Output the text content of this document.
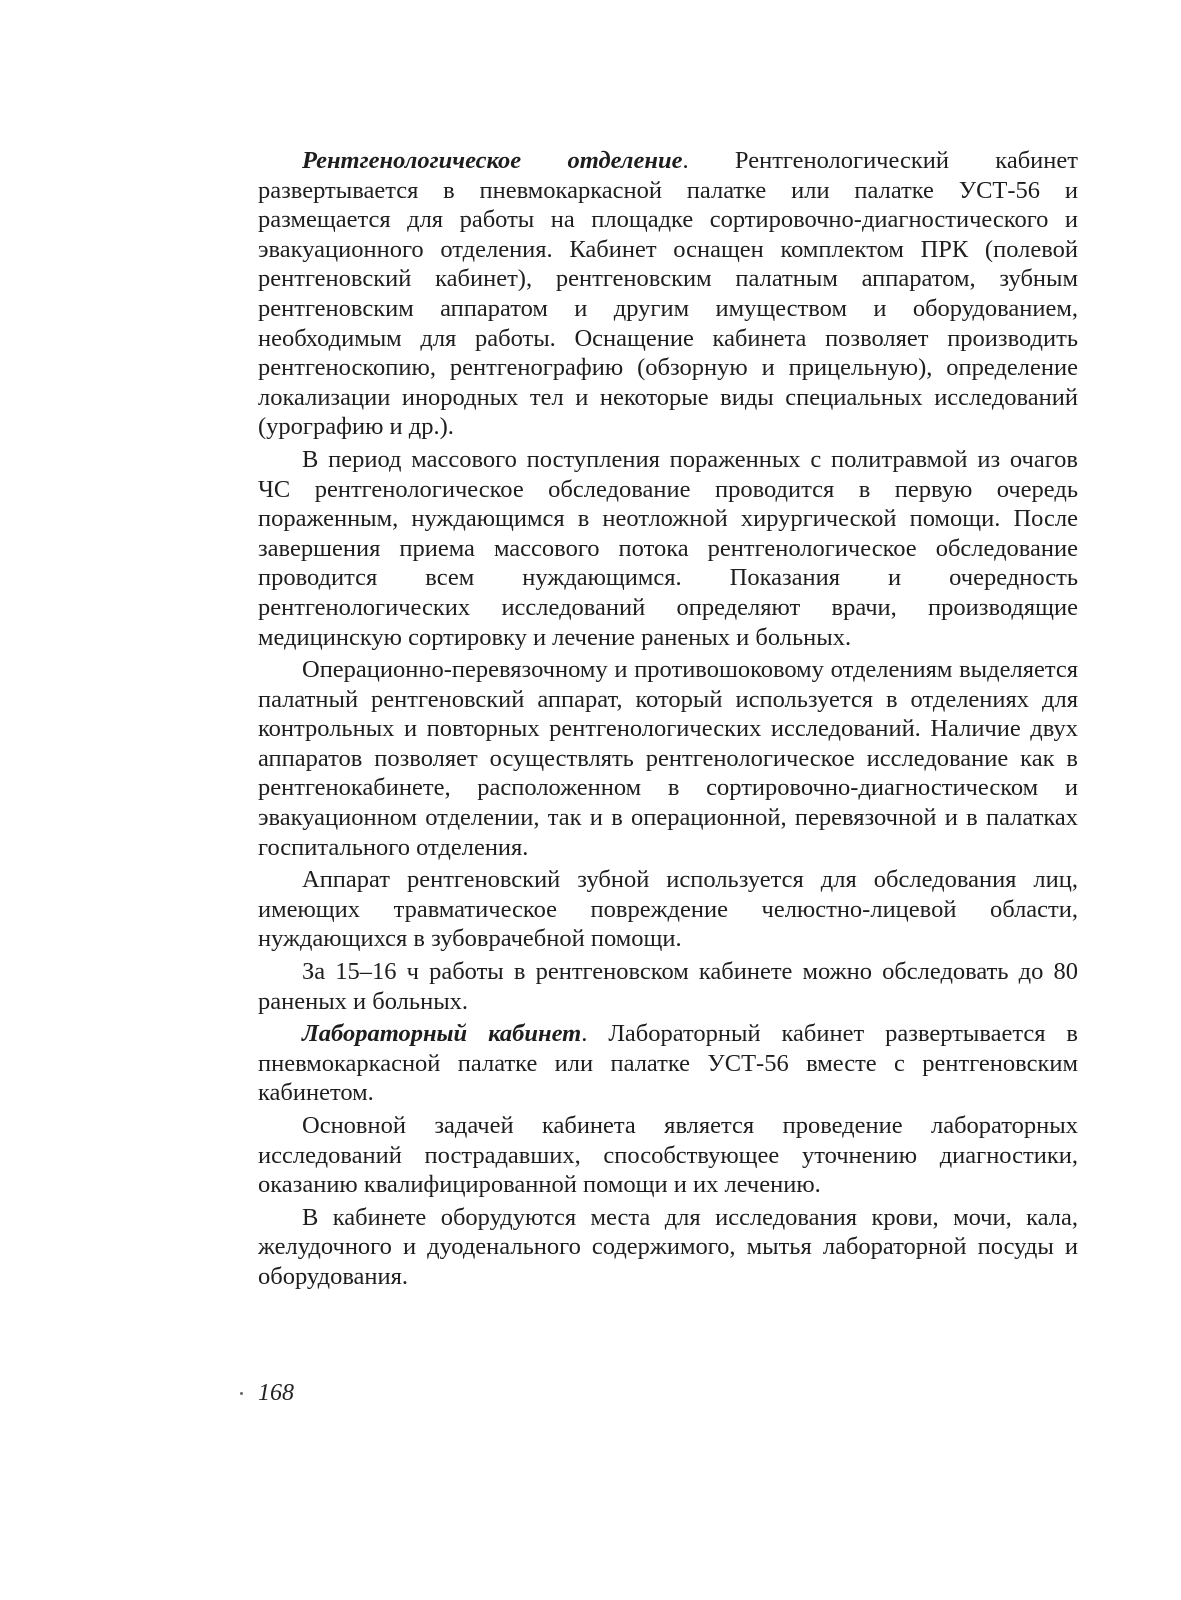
Рентгенологическое отделение. Рентгенологический кабинет развертывается в пневмокаркасной палатке или палатке УСТ-56 и размещается для работы на площадке сортировочно-диагностического и эвакуационного отделения. Кабинет оснащен комплектом ПРК (полевой рентгеновский кабинет), рентгеновским палатным аппаратом, зубным рентгеновским аппаратом и другим имуществом и оборудованием, необходимым для работы. Оснащение кабинета позволяет производить рентгеноскопию, рентгенографию (обзорную и прицельную), определение локализации инородных тел и некоторые виды специальных исследований (урографию и др.).

В период массового поступления пораженных с политравмой из очагов ЧС рентгенологическое обследование проводится в первую очередь пораженным, нуждающимся в неотложной хирургической помощи. После завершения приема массового потока рентгенологическое обследование проводится всем нуждающимся. Показания и очередность рентгенологических исследований определяют врачи, производящие медицинскую сортировку и лечение раненых и больных.

Операционно-перевязочному и противошоковому отделениям выделяется палатный рентгеновский аппарат, который используется в отделениях для контрольных и повторных рентгенологических исследований. Наличие двух аппаратов позволяет осуществлять рентгенологическое исследование как в рентгенокабинете, расположенном в сортировочно-диагностическом и эвакуационном отделении, так и в операционной, перевязочной и в палатках госпитального отделения.

Аппарат рентгеновский зубной используется для обследования лиц, имеющих травматическое повреждение челюстно-лицевой области, нуждающихся в зубоврачебной помощи.

За 15–16 ч работы в рентгеновском кабинете можно обследовать до 80 раненых и больных.

Лабораторный кабинет. Лабораторный кабинет развертывается в пневмокаркасной палатке или палатке УСТ-56 вместе с рентгеновским кабинетом.

Основной задачей кабинета является проведение лабораторных исследований пострадавших, способствующее уточнению диагностики, оказанию квалифицированной помощи и их лечению.

В кабинете оборудуются места для исследования крови, мочи, кала, желудочного и дуоденального содержимого, мытья лабораторной посуды и оборудования.

168
